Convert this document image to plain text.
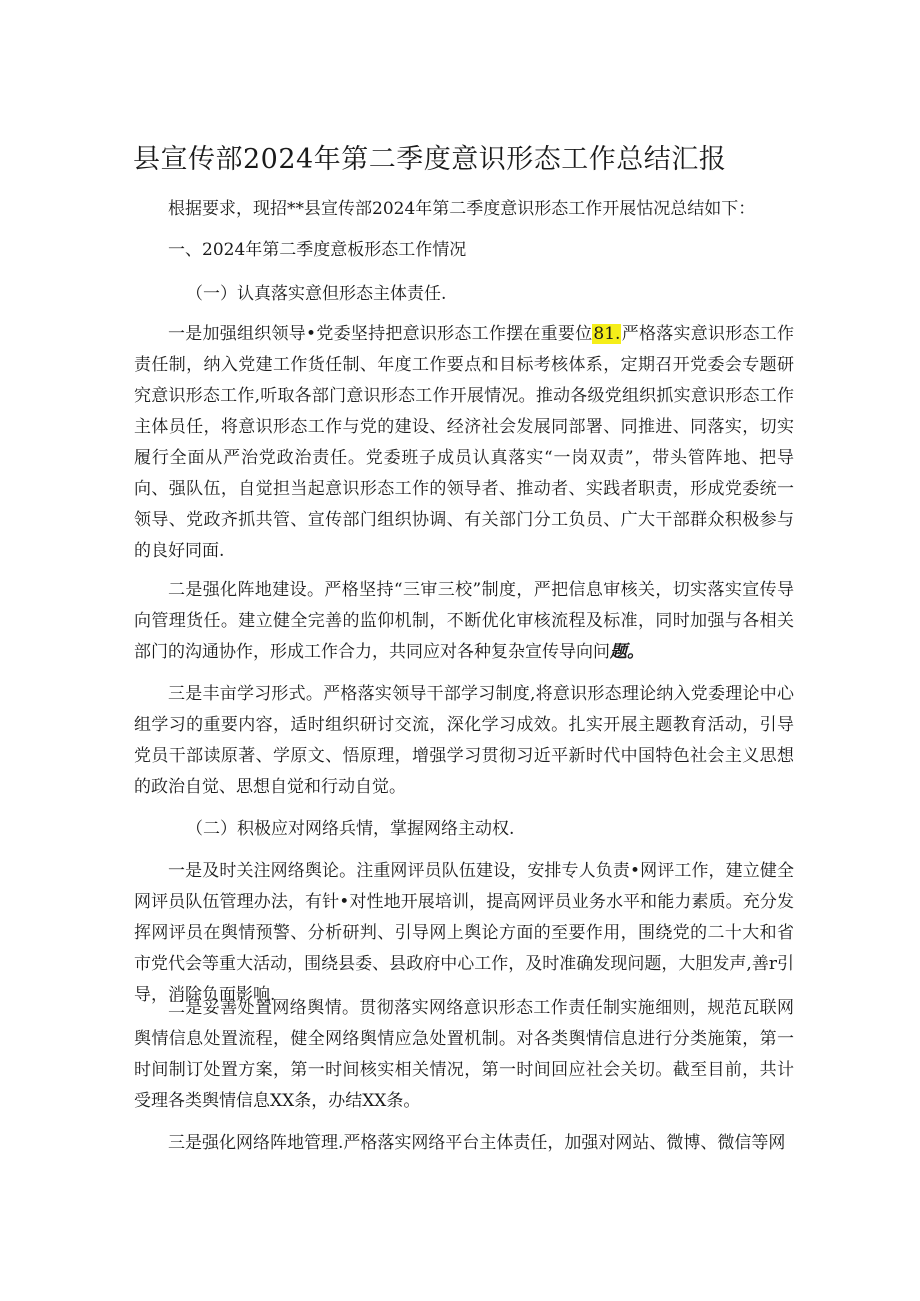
县宣传部2024年第二季度意识形态工作总结汇报

根据要求，现招**县宣传部2024年第二季度意识形态工作开展怙况总结如下：

一、2024年第二季度意板形态工作情况

（一）认真落实意但形态主体责任.

一是加强组织领导•党委坚持把意识形态工作摆在重要位81.严格落实意识形态工作责任制，纳入党建工作货任制、年度工作要点和目标考核体系，定期召开党委会专题研究意识形态工作,听取各部门意识形态工作开展情况。推动各级党组织抓实意识形态工作主体员任，将意识形态工作与党的建设、经济社会发展同部署、同推进、同落实，切实履行全面从严治党政治责任。党委班子成员认真落实“一岗双责”，带头管阵地、把导向、强队伍，自觉担当起意识形态工作的领导者、推动者、实践者职责，形成党委统一领导、党政齐抓共管、宣传部门组织协调、有关部门分工负员、广大干部群众积极参与的良好同面.

二是强化阵地建设。严格坚持“三审三校”制度，严把信息审核关，切实落实宣传导向管理货任。建立健全完善的监仰机制，不断优化审核流程及标准，同时加强与各相关部门的沟通协作，形成工作合力，共同应对各种复杂宣传导向问题。

三是丰亩学习形式。严格落实领导干部学习制度,将意识形态理论纳入党委理论中心组学习的重要内容，适时组织研讨交流，深化学习成效。扎实开展主题教育活动，引导党员干部读原著、学原文、悟原理，增强学习贯彻习近平新时代中国特色社会主义思想的政治自觉、思想自觉和行动自觉。

（二）积极应对网络兵情，掌握网络主动权.

一是及时关注网络舆论。注重网评员队伍建设，安排专人负责•网评工作，建立健全网评员队伍管理办法，有针•对性地开展培训，提高网评员业务水平和能力素质。充分发挥网评员在舆情预警、分析研判、引导网上舆论方面的至要作用，围绕党的二十大和省市党代会等重大活动，围绕县委、县政府中心工作，及时准确发现问题，大胆发声,善r引导，消除负面影响.

二是妥善处置网络舆情。贯彻落实网络意识形态工作责任制实施细则，规范瓦联网舆情信息处置流程，健全网络舆情应急处置机制。对各类舆情信息进行分类施策，第一时间制订处置方案，第一时间核实相关情况，第一时间回应社会关切。截至目前，共计受理各类舆情信息XX条，办结XX条。

三是强化网络阵地管理.严格落实网络平台主体责任，加强对网站、微博、微信等网
